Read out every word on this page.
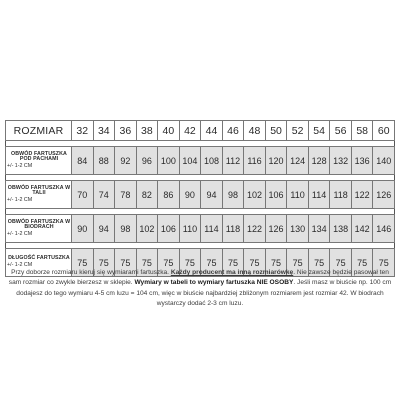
ROZMIAR	32	34	36	38	40	42	44	46	48	50	52	54	56	58	60

OBWÓD FARTUSZKA POD PACHAMI
+/- 1-2 CM	84	88	92	96	100	104	108	112	116	120	124	128	132	136	140

OBWÓD FARTUSZKA W TALII
+/- 1-2 CM	70	74	78	82	86	90	94	98	102	106	110	114	118	122	126

OBWÓD FARTUSZKA W BIODRACH
+/- 1-2 CM	90	94	98	102	106	110	114	118	122	126	130	134	138	142	146

DŁUGOŚĆ FARTUSZKA
+/- 1-2 CM	75	75	75	75	75	75	75	75	75	75	75	75	75	75	75
Przy doborze rozmiaru kieruj się wymiarami fartuszka. Każdy producent ma inną rozmiarówkę. Nie zawsze będzie pasował ten sam rozmiar co zwykle bierzesz w sklepie. Wymiary w tabeli to wymiary fartuszka NIE OSOBY. Jeśli masz w biuście np. 100 cm dodajesz do tego wymiaru 4-5 cm luzu = 104 cm, więc w biuście najbardziej zbliżonym rozmiarem jest rozmiar 42. W biodrach wystarczy dodać 2-3 cm luzu.
